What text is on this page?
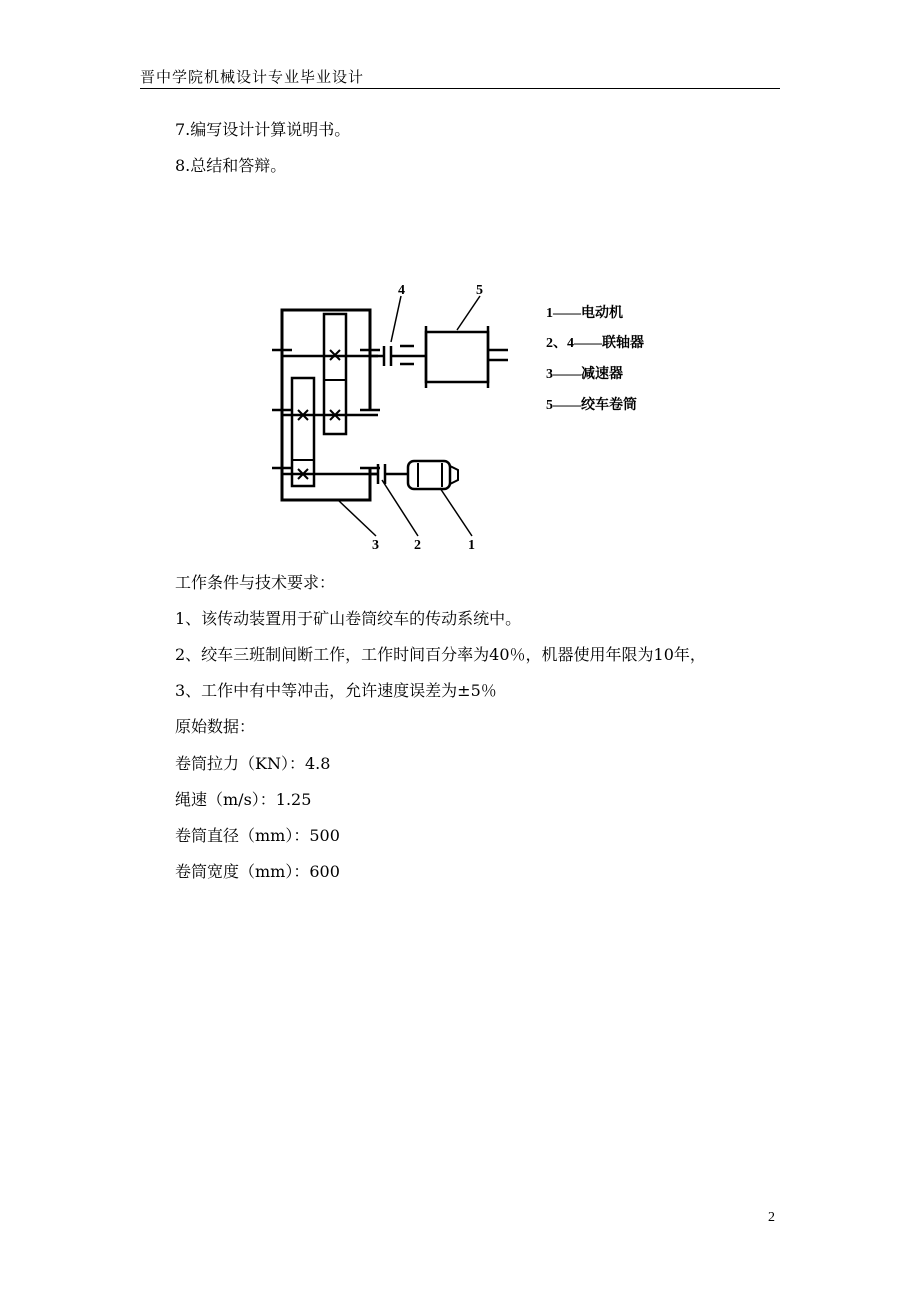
晋中学院机械设计专业毕业设计
7.编写设计计算说明书。
8.总结和答辩。
4	5
3	2	1
1——电动机
2、4——联轴器
3——减速器
5——绞车卷筒
工作条件与技术要求：
1、该传动装置用于矿山卷筒绞车的传动系统中。
2、绞车三班制间断工作，工作时间百分率为40％，机器使用年限为10年，
3、工作中有中等冲击，允许速度误差为±5％
原始数据：
卷筒拉力（KN）：4.8
绳速（m/s）：1.25
卷筒直径（mm）：500
卷筒宽度（mm）：600
2
